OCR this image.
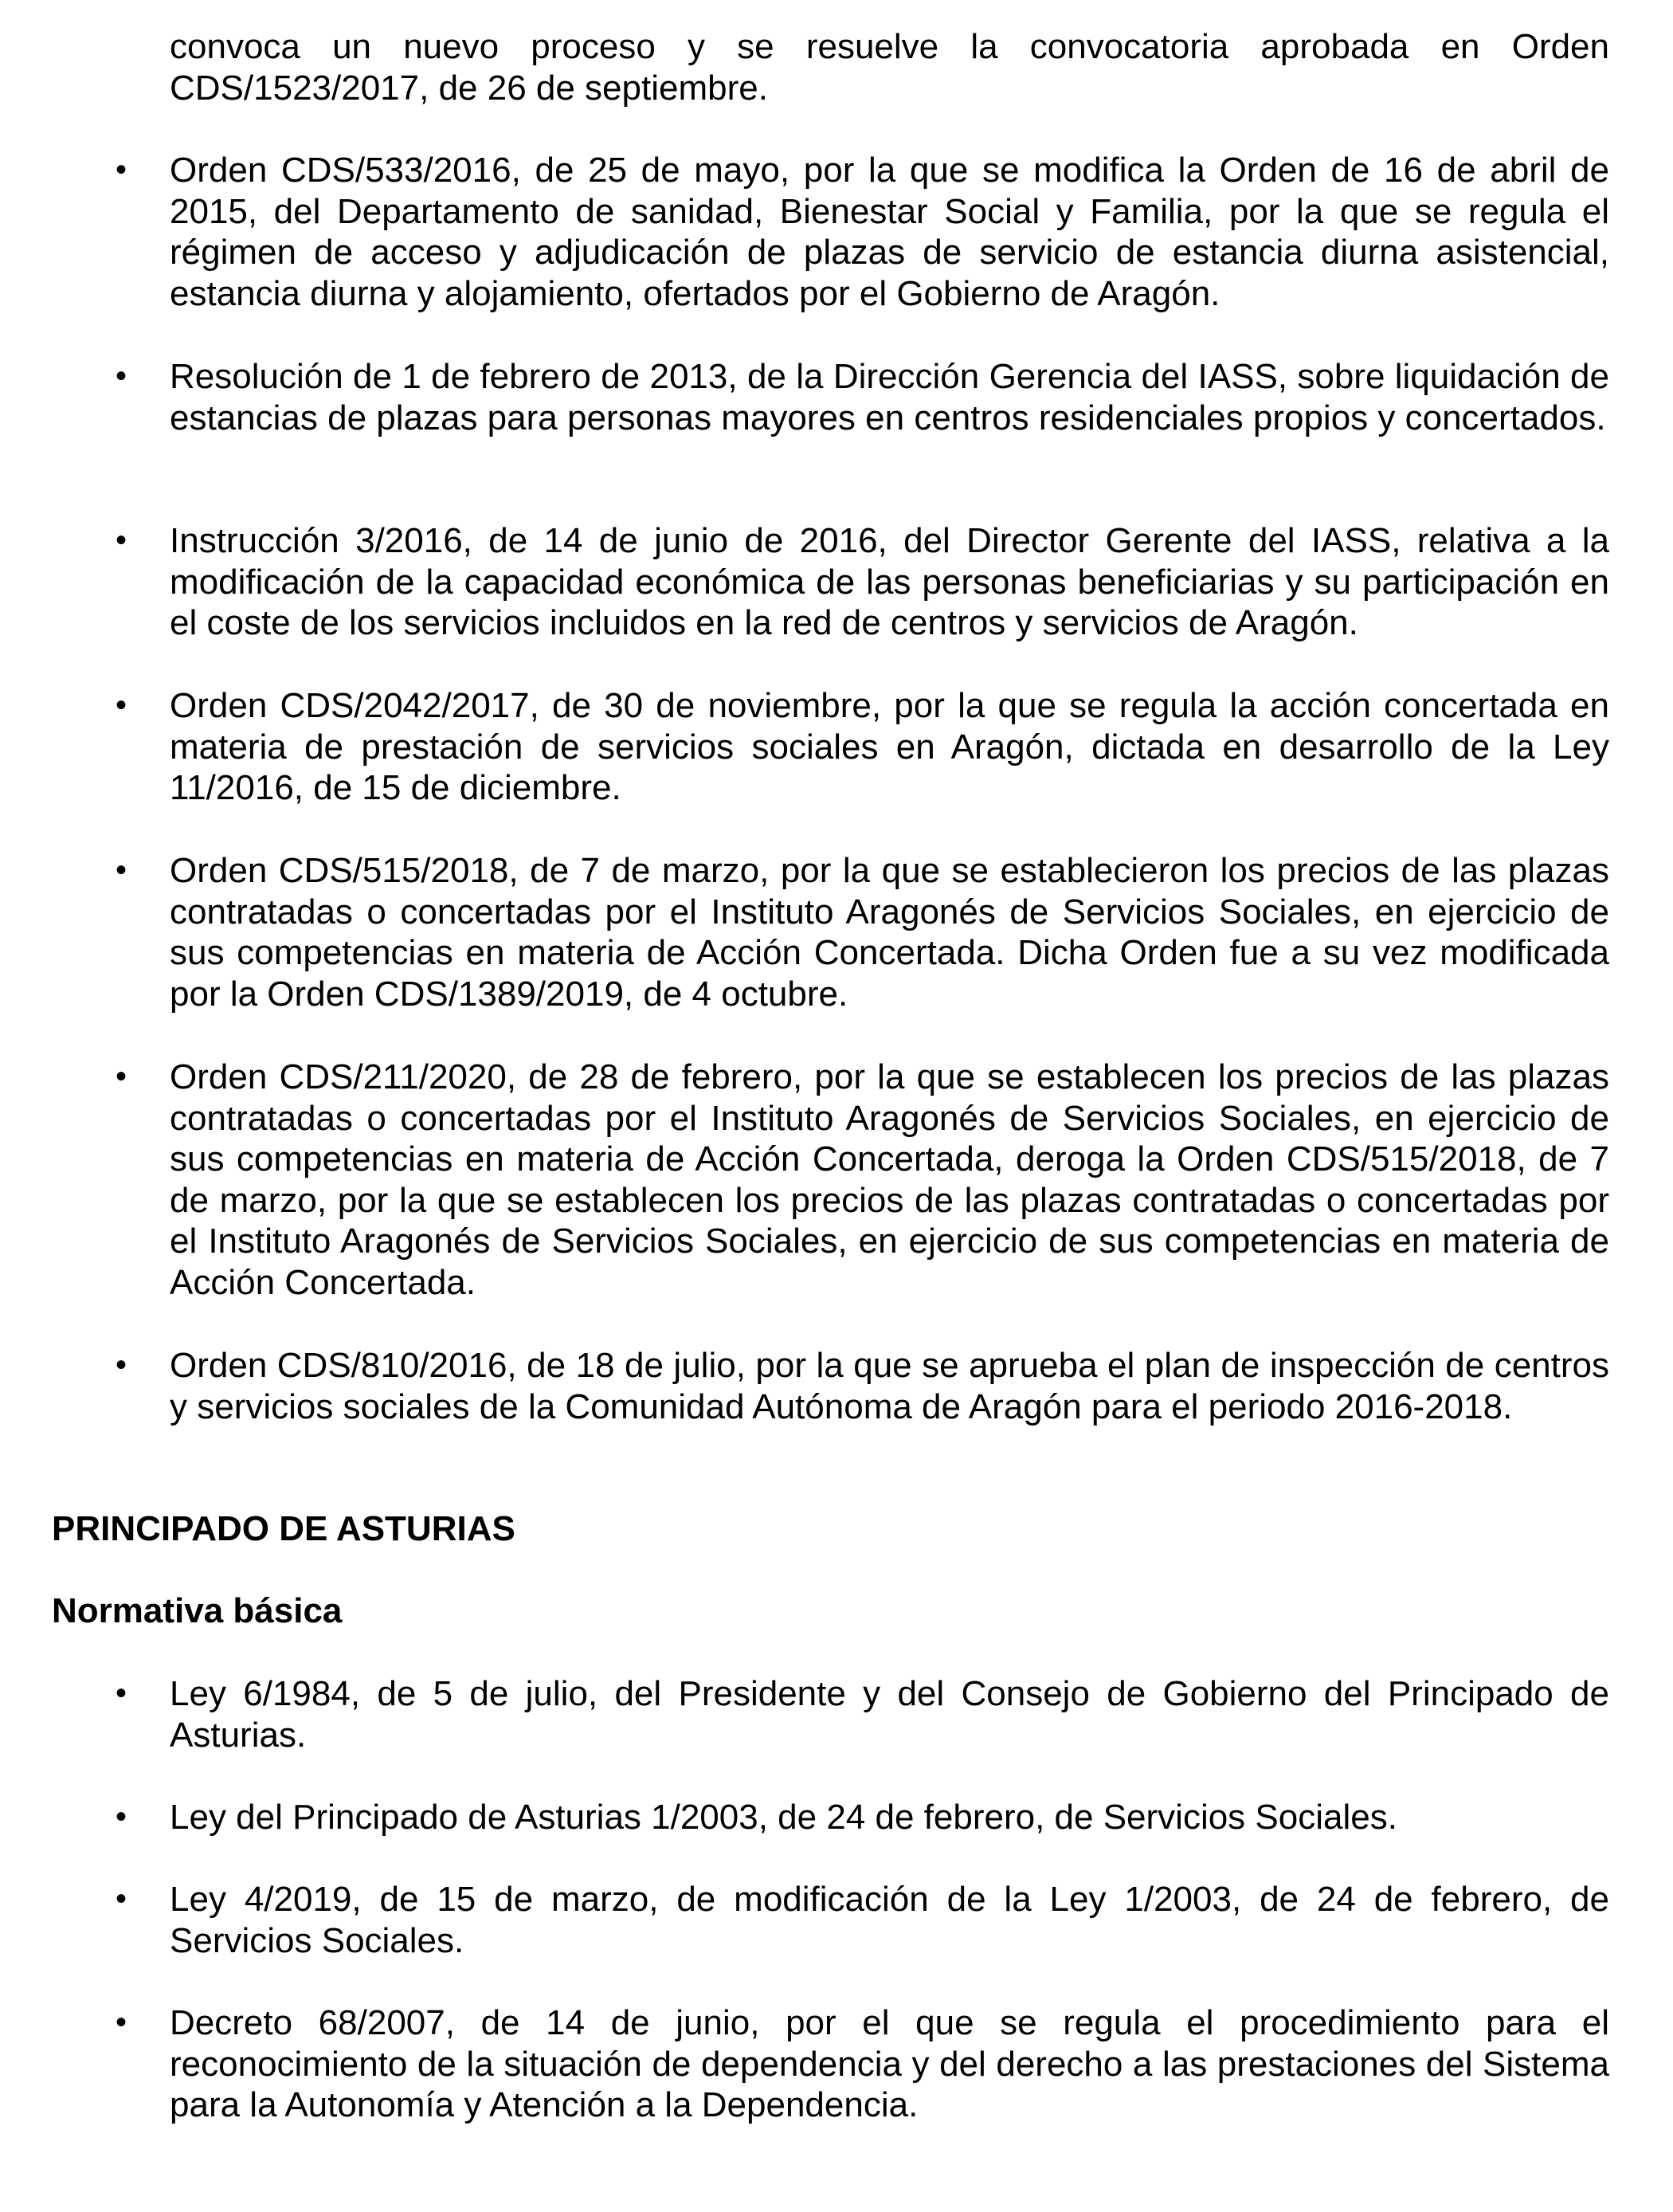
convoca un nuevo proceso y se resuelve la convocatoria aprobada en Orden CDS/1523/2017, de 26 de septiembre.

•	Orden CDS/533/2016, de 25 de mayo, por la que se modifica la Orden de 16 de abril de 2015, del Departamento de sanidad, Bienestar Social y Familia, por la que se regula el régimen de acceso y adjudicación de plazas de servicio de estancia diurna asistencial, estancia diurna y alojamiento, ofertados por el Gobierno de Aragón.
•	Resolución de 1 de febrero de 2013, de la Dirección Gerencia del IASS, sobre liquidación de estancias de plazas para personas mayores en centros residenciales propios y concertados.
•	Instrucción 3/2016, de 14 de junio de 2016, del Director Gerente del IASS, relativa a la modificación de la capacidad económica de las personas beneficiarias y su participación en el coste de los servicios incluidos en la red de centros y servicios de Aragón.
•	Orden CDS/2042/2017, de 30 de noviembre, por la que se regula la acción concertada en materia de prestación de servicios sociales en Aragón, dictada en desarrollo de la Ley 11/2016, de 15 de diciembre.
•	Orden CDS/515/2018, de 7 de marzo, por la que se establecieron los precios de las plazas contratadas o concertadas por el Instituto Aragonés de Servicios Sociales, en ejercicio de sus competencias en materia de Acción Concertada. Dicha Orden fue a su vez modificada por la Orden CDS/1389/2019, de 4 octubre.
•	Orden CDS/211/2020, de 28 de febrero, por la que se establecen los precios de las plazas contratadas o concertadas por el Instituto Aragonés de Servicios Sociales, en ejercicio de sus competencias en materia de Acción Concertada, deroga la Orden CDS/515/2018, de 7 de marzo, por la que se establecen los precios de las plazas contratadas o concertadas por el Instituto Aragonés de Servicios Sociales, en ejercicio de sus competencias en materia de Acción Concertada.
•	Orden CDS/810/2016, de 18 de julio, por la que se aprueba el plan de inspección de centros y servicios sociales de la Comunidad Autónoma de Aragón para el periodo 2016-2018.
PRINCIPADO DE ASTURIAS
Normativa básica
•	Ley 6/1984, de 5 de julio, del Presidente y del Consejo de Gobierno del Principado de Asturias.
•	Ley del Principado de Asturias 1/2003, de 24 de febrero, de Servicios Sociales.
•	Ley 4/2019, de 15 de marzo, de modificación de la Ley 1/2003, de 24 de febrero, de Servicios Sociales.
•	Decreto 68/2007, de 14 de junio, por el que se regula el procedimiento para el reconocimiento de la situación de dependencia y del derecho a las prestaciones del Sistema para la Autonomía y Atención a la Dependencia.
